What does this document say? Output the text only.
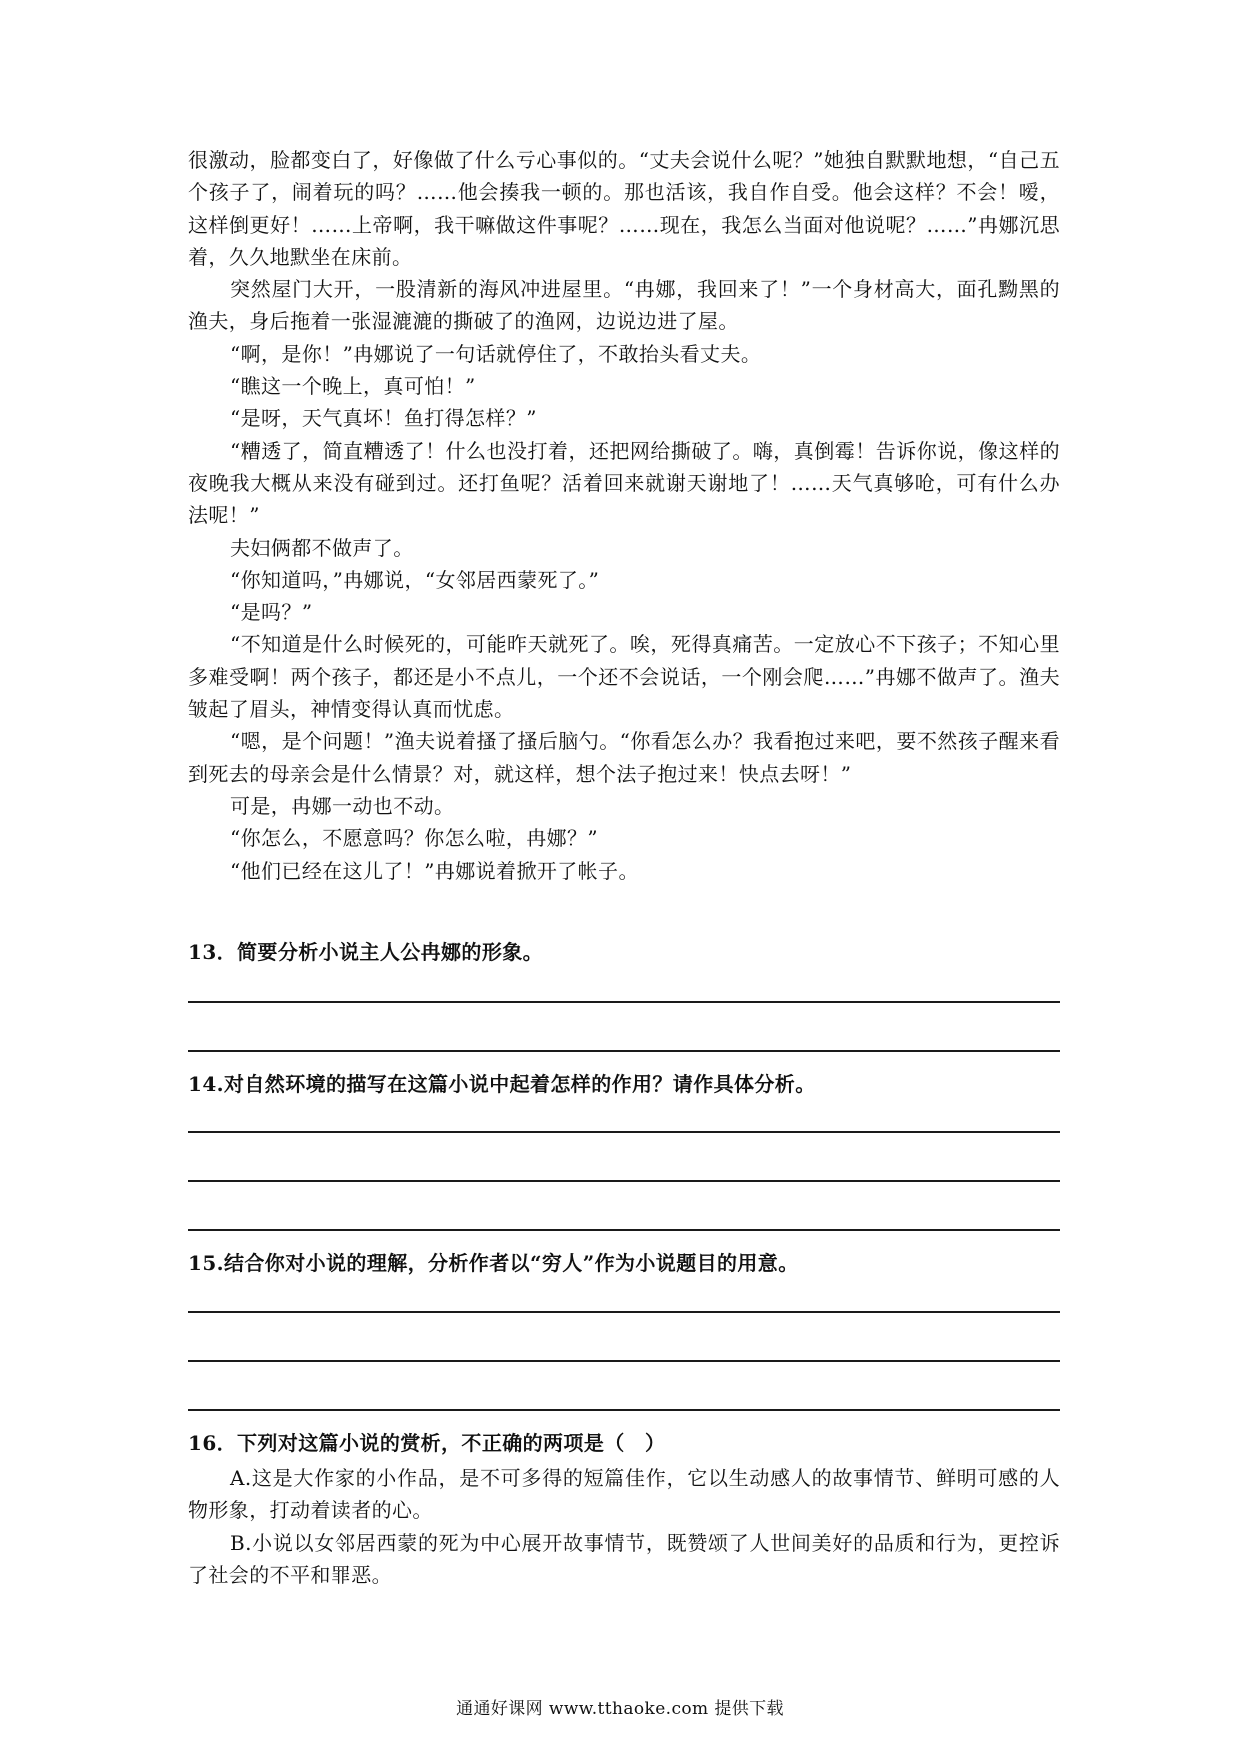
很激动，脸都变白了，好像做了什么亏心事似的。“丈夫会说什么呢？”她独自默默地想，“自己五个孩子了，闹着玩的吗？……他会揍我一顿的。那也活该，我自作自受。他会这样？不会！嗳，这样倒更好！……上帝啊，我干嘛做这件事呢？……现在，我怎么当面对他说呢？……”冉娜沉思着，久久地默坐在床前。

突然屋门大开，一股清新的海风冲进屋里。“冉娜，我回来了！”一个身材高大，面孔黝黑的渔夫，身后拖着一张湿漉漉的撕破了的渔网，边说边进了屋。

“啊，是你！”冉娜说了一句话就停住了，不敢抬头看丈夫。

“瞧这一个晚上，真可怕！”

“是呀，天气真坏！鱼打得怎样？”

“糟透了，简直糟透了！什么也没打着，还把网给撕破了。嗨，真倒霉！告诉你说，像这样的夜晚我大概从来没有碰到过。还打鱼呢？活着回来就谢天谢地了！……天气真够呛，可有什么办法呢！”

夫妇俩都不做声了。

“你知道吗，”冉娜说，“女邻居西蒙死了。”

“是吗？”

“不知道是什么时候死的，可能昨天就死了。唉，死得真痛苦。一定放心不下孩子；不知心里多难受啊！两个孩子，都还是小不点儿，一个还不会说话，一个刚会爬……”冉娜不做声了。渔夫皱起了眉头，神情变得认真而忧虑。

“嗯，是个问题！”渔夫说着搔了搔后脑勺。“你看怎么办？我看抱过来吧，要不然孩子醒来看到死去的母亲会是什么情景？对，就这样，想个法子抱过来！快点去呀！”

可是，冉娜一动也不动。

“你怎么，不愿意吗？你怎么啦，冉娜？”

“他们已经在这儿了！”冉娜说着掀开了帐子。

13．简要分析小说主人公冉娜的形象。

14.对自然环境的描写在这篇小说中起着怎样的作用？请作具体分析。

15.结合你对小说的理解，分析作者以“穷人”作为小说题目的用意。

16．下列对这篇小说的赏析，不正确的两项是（　）

A.这是大作家的小作品，是不可多得的短篇佳作，它以生动感人的故事情节、鲜明可感的人物形象，打动着读者的心。

B.小说以女邻居西蒙的死为中心展开故事情节，既赞颂了人世间美好的品质和行为，更控诉了社会的不平和罪恶。

通通好课网 www.tthaoke.com 提供下载
